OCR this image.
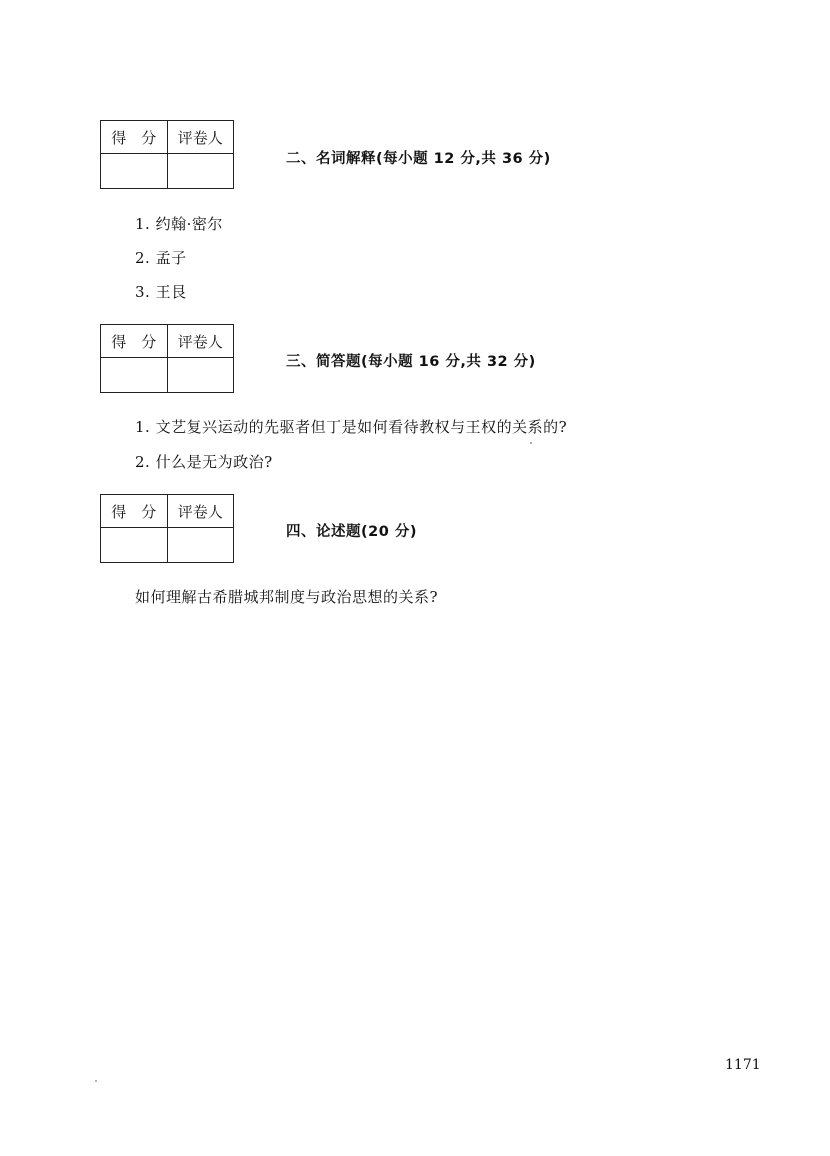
得　分	评卷人

二、名词解释(每小题 12 分,共 36 分)
1. 约翰·密尔
2. 孟子
3. 王艮
得　分	评卷人

三、简答题(每小题 16 分,共 32 分)
1. 文艺复兴运动的先驱者但丁是如何看待教权与王权的关系的?
2. 什么是无为政治?
得　分	评卷人

四、论述题(20 分)
如何理解古希腊城邦制度与政治思想的关系?
1171
